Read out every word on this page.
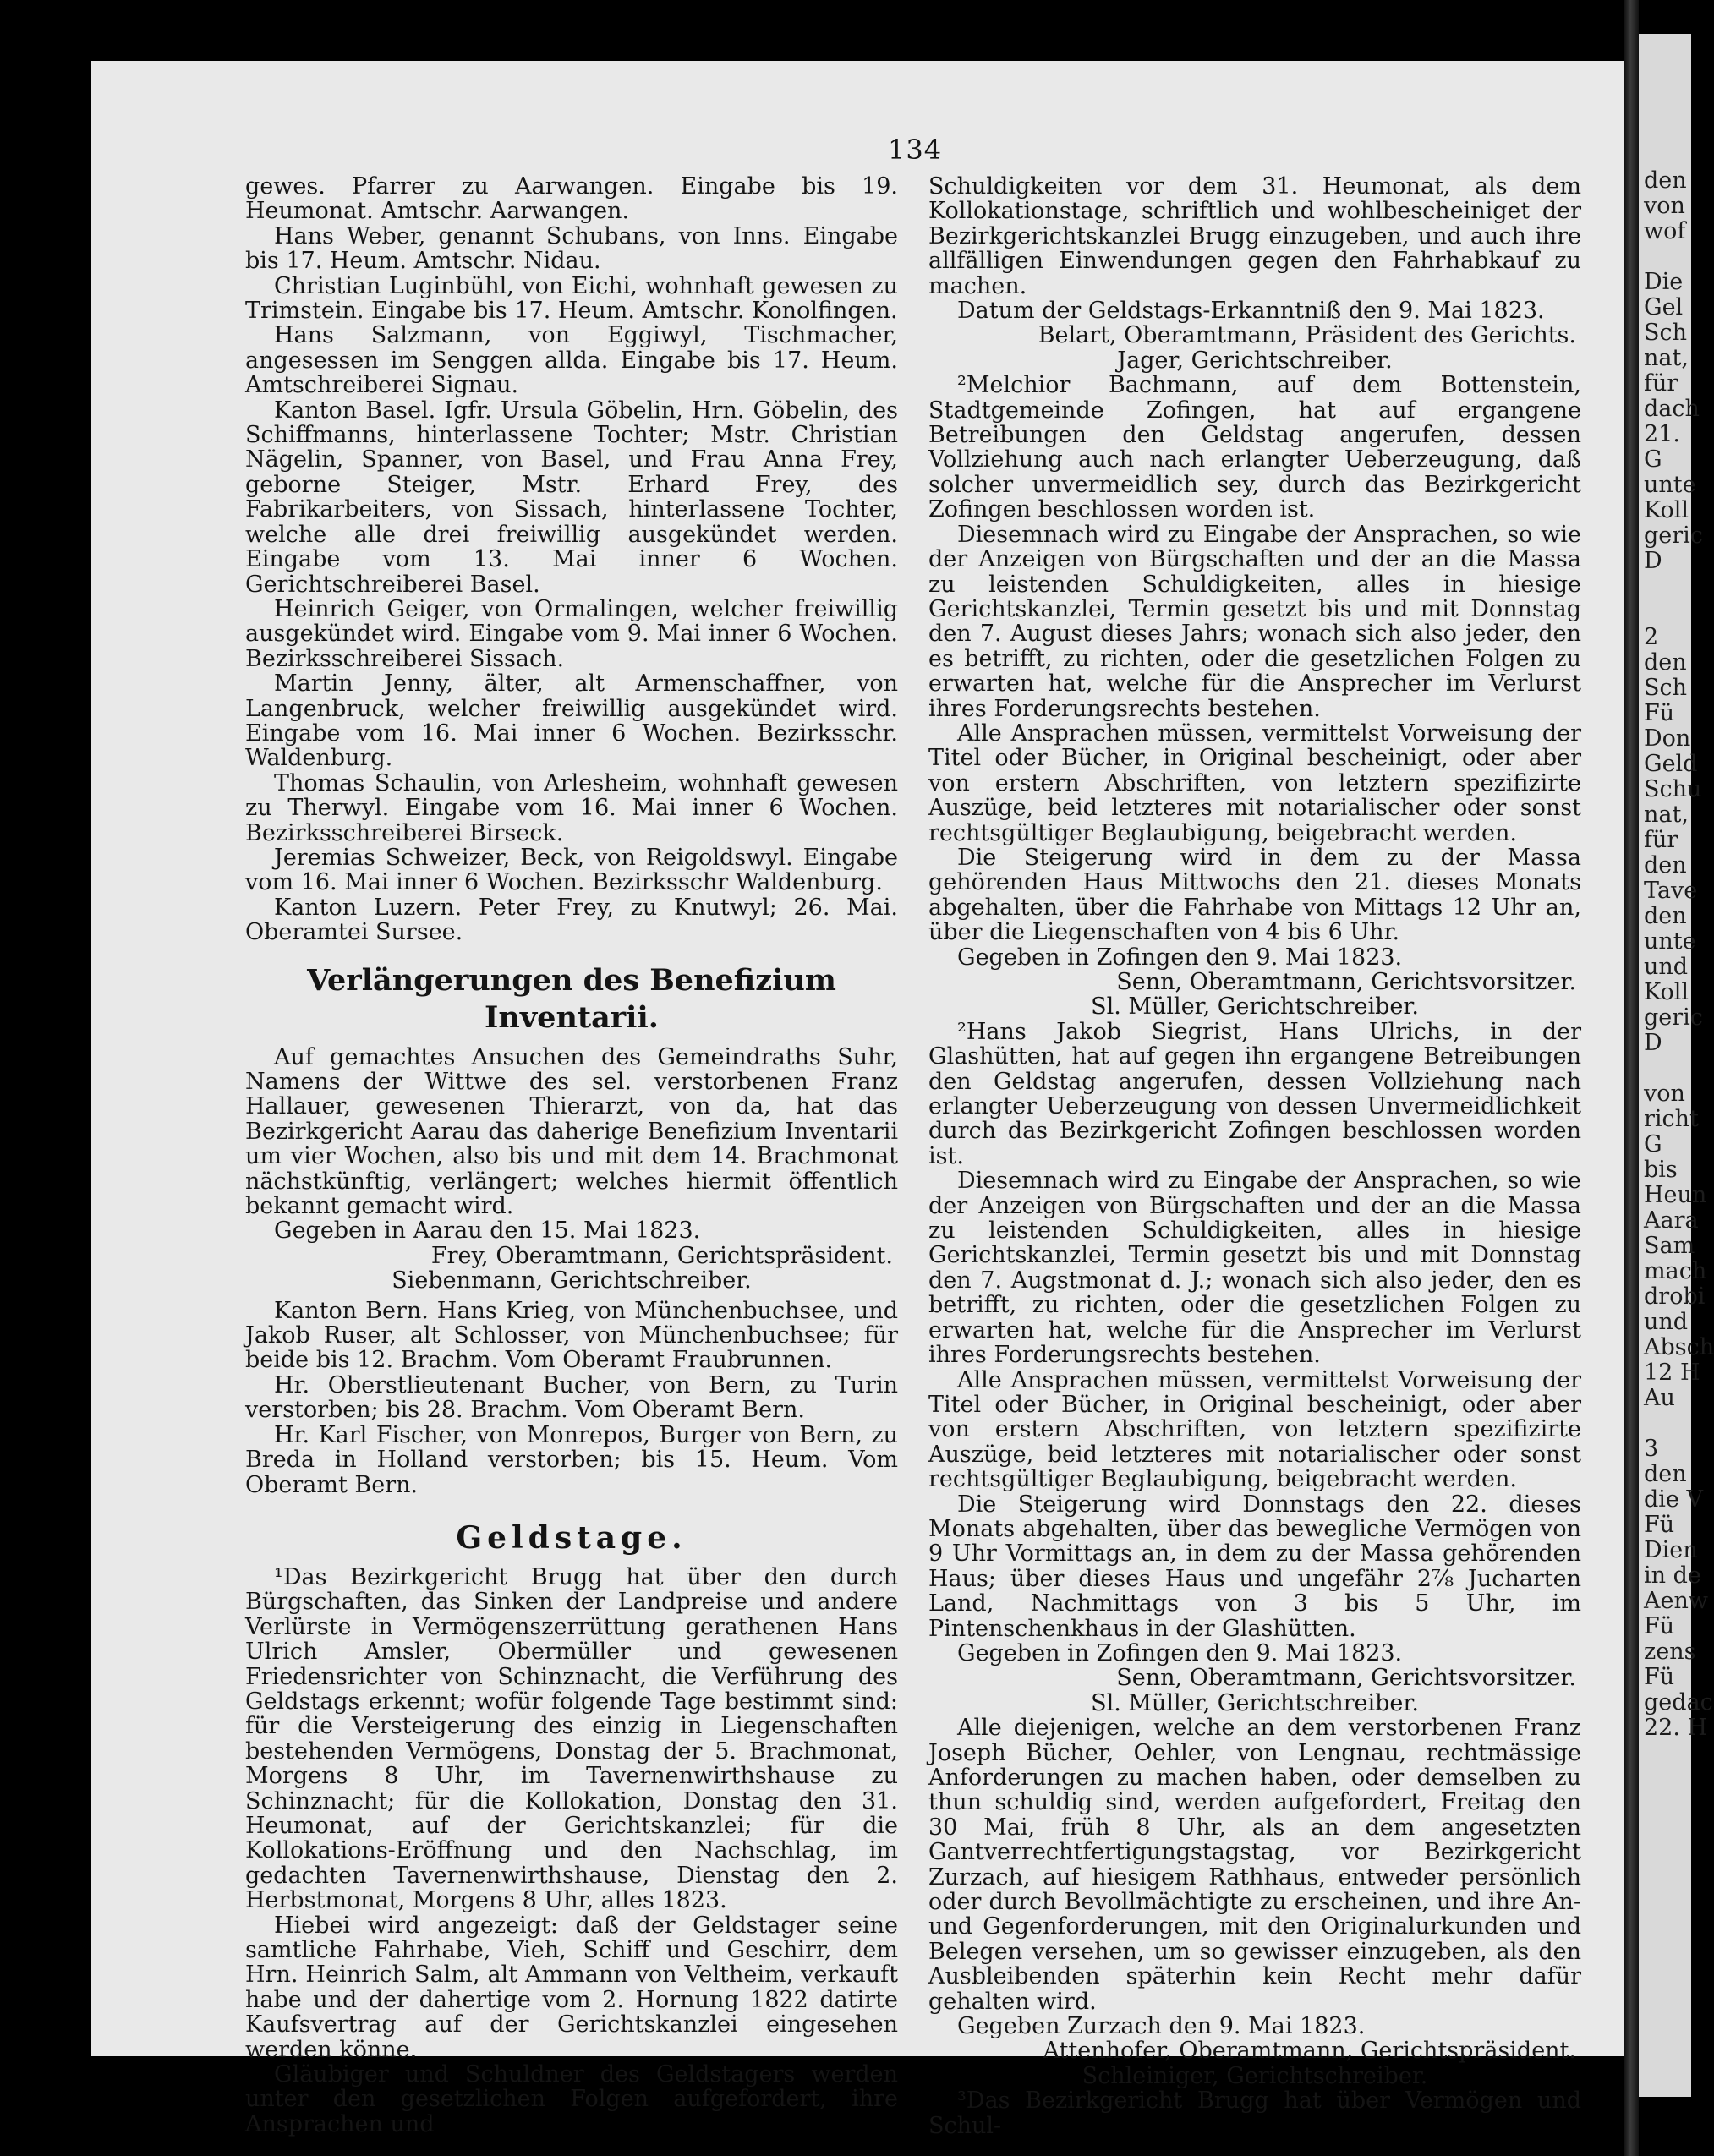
den
von
wof
Die
Gel
Sch
nat,
für
dach
21.
G
unte
Koll
geric
D
2
den
Sch
Fü
Don
Geld
Schu
nat,
für
den
Tave
den
unte
und
Koll
geric
D
von
richt
G
bis
Heun
Aara
Sam
mach
drobi
und
Absch
12 H
Au
3
den
die V
Fü
Dien
in de
Aenw
Fü
zens
Fü
gedac
22. H
134

gewes. Pfarrer zu Aarwangen. Eingabe bis 19. Heumonat. Amtschr. Aarwangen.

Hans Weber, genannt Schubans, von Inns. Eingabe bis 17. Heum. Amtschr. Nidau.

Christian Luginbühl, von Eichi, wohnhaft gewesen zu Trimstein. Eingabe bis 17. Heum. Amtschr. Konolfingen.

Hans Salzmann, von Eggiwyl, Tischmacher, angesessen im Senggen allda. Eingabe bis 17. Heum. Amtschreiberei Signau.

Kanton Basel. Igfr. Ursula Göbelin, Hrn. Göbelin, des Schiffmanns, hinterlassene Tochter; Mstr. Christian Nägelin, Spanner, von Basel, und Frau Anna Frey, geborne Steiger, Mstr. Erhard Frey, des Fabrikarbeiters, von Sissach, hinterlassene Tochter, welche alle drei freiwillig ausgekündet werden. Eingabe vom 13. Mai inner 6 Wochen. Gerichtschreiberei Basel.

Heinrich Geiger, von Ormalingen, welcher freiwillig ausgekündet wird. Eingabe vom 9. Mai inner 6 Wochen. Bezirksschreiberei Sissach.

Martin Jenny, älter, alt Armenschaffner, von Langenbruck, welcher freiwillig ausgekündet wird. Eingabe vom 16. Mai inner 6 Wochen. Bezirksschr. Waldenburg.

Thomas Schaulin, von Arlesheim, wohnhaft gewesen zu Therwyl. Eingabe vom 16. Mai inner 6 Wochen. Bezirksschreiberei Birseck.

Jeremias Schweizer, Beck, von Reigoldswyl. Eingabe vom 16. Mai inner 6 Wochen. Bezirksschr Waldenburg.

Kanton Luzern. Peter Frey, zu Knutwyl; 26. Mai. Oberamtei Sursee.

Verlängerungen des Benefizium Inventarii.

Auf gemachtes Ansuchen des Gemeindraths Suhr, Namens der Wittwe des sel. verstorbenen Franz Hallauer, gewesenen Thierarzt, von da, hat das Bezirkgericht Aarau das daherige Benefizium Inventarii um vier Wochen, also bis und mit dem 14. Brachmonat nächstkünftig, verlängert; welches hiermit öffentlich bekannt gemacht wird.

Gegeben in Aarau den 15. Mai 1823.

Frey, Oberamtmann, Gerichtspräsident.

Siebenmann, Gerichtschreiber.

Kanton Bern. Hans Krieg, von Münchenbuchsee, und Jakob Ruser, alt Schlosser, von Münchenbuchsee; für beide bis 12. Brachm. Vom Oberamt Fraubrunnen.

Hr. Oberstlieutenant Bucher, von Bern, zu Turin verstorben; bis 28. Brachm. Vom Oberamt Bern.

Hr. Karl Fischer, von Monrepos, Burger von Bern, zu Breda in Holland verstorben; bis 15. Heum. Vom Oberamt Bern.

Geldstage.

¹Das Bezirkgericht Brugg hat über den durch Bürgschaften, das Sinken der Landpreise und andere Verlürste in Vermögenszerrüttung gerathenen Hans Ulrich Amsler, Obermüller und gewesenen Friedensrichter von Schinznacht, die Verführung des Geldstags erkennt; wofür folgende Tage bestimmt sind: für die Versteigerung des einzig in Liegenschaften bestehenden Vermögens, Donstag der 5. Brachmonat, Morgens 8 Uhr, im Tavernenwirthshause zu Schinznacht; für die Kollokation, Donstag den 31. Heumonat, auf der Gerichtskanzlei; für die Kollokations-Eröffnung und den Nachschlag, im gedachten Tavernenwirthshause, Dienstag den 2. Herbstmonat, Morgens 8 Uhr, alles 1823.

Hiebei wird angezeigt: daß der Geldstager seine samtliche Fahrhabe, Vieh, Schiff und Geschirr, dem Hrn. Heinrich Salm, alt Ammann von Veltheim, verkauft habe und der dahertige vom 2. Hornung 1822 datirte Kaufsvertrag auf der Gerichtskanzlei eingesehen werden könne.

Gläubiger und Schuldner des Geldstagers werden unter den gesetzlichen Folgen aufgefordert, ihre Ansprachen und

Schuldigkeiten vor dem 31. Heumonat, als dem Kollokationstage, schriftlich und wohlbescheiniget der Bezirkgerichtskanzlei Brugg einzugeben, und auch ihre allfälligen Einwendungen gegen den Fahrhabkauf zu machen.

Datum der Geldstags-Erkanntniß den 9. Mai 1823.

Belart, Oberamtmann, Präsident des Gerichts.

Jager, Gerichtschreiber.

²Melchior Bachmann, auf dem Bottenstein, Stadtgemeinde Zofingen, hat auf ergangene Betreibungen den Geldstag angerufen, dessen Vollziehung auch nach erlangter Ueberzeugung, daß solcher unvermeidlich sey, durch das Bezirkgericht Zofingen beschlossen worden ist.

Diesemnach wird zu Eingabe der Ansprachen, so wie der Anzeigen von Bürgschaften und der an die Massa zu leistenden Schuldigkeiten, alles in hiesige Gerichtskanzlei, Termin gesetzt bis und mit Donnstag den 7. August dieses Jahrs; wonach sich also jeder, den es betrifft, zu richten, oder die gesetzlichen Folgen zu erwarten hat, welche für die Ansprecher im Verlurst ihres Forderungsrechts bestehen.

Alle Ansprachen müssen, vermittelst Vorweisung der Titel oder Bücher, in Original bescheinigt, oder aber von erstern Abschriften, von letztern spezifizirte Auszüge, beid letzteres mit notarialischer oder sonst rechtsgültiger Beglaubigung, beigebracht werden.

Die Steigerung wird in dem zu der Massa gehörenden Haus Mittwochs den 21. dieses Monats abgehalten, über die Fahrhabe von Mittags 12 Uhr an, über die Liegenschaften von 4 bis 6 Uhr.

Gegeben in Zofingen den 9. Mai 1823.

Senn, Oberamtmann, Gerichtsvorsitzer.

Sl. Müller, Gerichtschreiber.

²Hans Jakob Siegrist, Hans Ulrichs, in der Glashütten, hat auf gegen ihn ergangene Betreibungen den Geldstag angerufen, dessen Vollziehung nach erlangter Ueberzeugung von dessen Unvermeidlichkeit durch das Bezirkgericht Zofingen beschlossen worden ist.

Diesemnach wird zu Eingabe der Ansprachen, so wie der Anzeigen von Bürgschaften und der an die Massa zu leistenden Schuldigkeiten, alles in hiesige Gerichtskanzlei, Termin gesetzt bis und mit Donnstag den 7. Augstmonat d. J.; wonach sich also jeder, den es betrifft, zu richten, oder die gesetzlichen Folgen zu erwarten hat, welche für die Ansprecher im Verlurst ihres Forderungsrechts bestehen.

Alle Ansprachen müssen, vermittelst Vorweisung der Titel oder Bücher, in Original bescheinigt, oder aber von erstern Abschriften, von letztern spezifizirte Auszüge, beid letzteres mit notarialischer oder sonst rechtsgültiger Beglaubigung, beigebracht werden.

Die Steigerung wird Donnstags den 22. dieses Monats abgehalten, über das bewegliche Vermögen von 9 Uhr Vormittags an, in dem zu der Massa gehörenden Haus; über dieses Haus und ungefähr 2⅞ Jucharten Land, Nachmittags von 3 bis 5 Uhr, im Pintenschenkhaus in der Glashütten.

Gegeben in Zofingen den 9. Mai 1823.

Senn, Oberamtmann, Gerichtsvorsitzer.

Sl. Müller, Gerichtschreiber.

Alle diejenigen, welche an dem verstorbenen Franz Joseph Bücher, Oehler, von Lengnau, rechtmässige Anforderungen zu machen haben, oder demselben zu thun schuldig sind, werden aufgefordert, Freitag den 30 Mai, früh 8 Uhr, als an dem angesetzten Gantverrechtfertigungstagstag, vor Bezirkgericht Zurzach, auf hiesigem Rathhaus, entweder persönlich oder durch Bevollmächtigte zu erscheinen, und ihre An- und Gegenforderungen, mit den Originalurkunden und Belegen versehen, um so gewisser einzugeben, als den Ausbleibenden späterhin kein Recht mehr dafür gehalten wird.

Gegeben Zurzach den 9. Mai 1823.

Attenhofer, Oberamtmann, Gerichtspräsident.

Schleiniger, Gerichtschreiber.

³Das Bezirkgericht Brugg hat über Vermögen und Schul-
